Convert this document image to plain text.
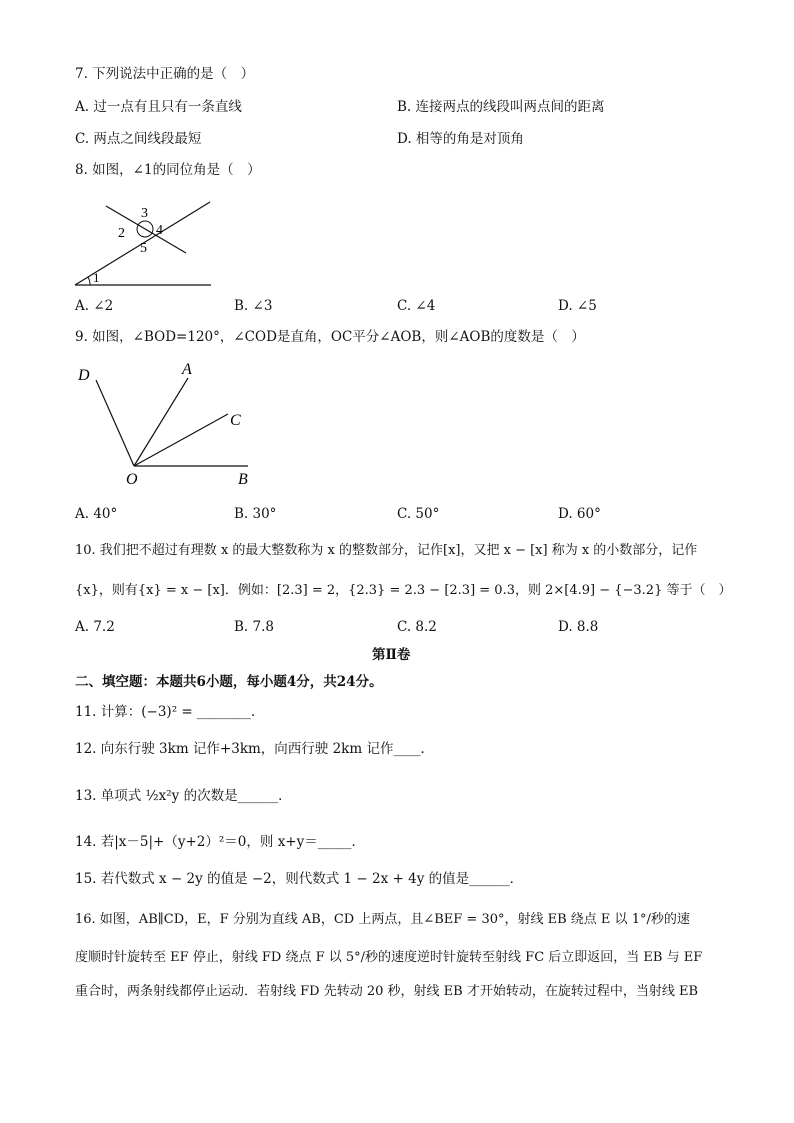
7. 下列说法中正确的是（　）
A. 过一点有且只有一条直线	B. 连接两点的线段叫两点间的距离
C. 两点之间线段最短	D. 相等的角是对顶角
8. 如图，∠1的同位角是（　）
3
2 4
5
1
A. ∠2	B. ∠3	C. ∠4	D. ∠5
9. 如图，∠BOD=120°，∠COD是直角，OC平分∠AOB，则∠AOB的度数是（　）
D	A
C
O	B
A. 40°	B. 30°	C. 50°	D. 60°
10. 我们把不超过有理数 x 的最大整数称为 x 的整数部分，记作[x]，又把 x − [x] 称为 x 的小数部分，记作
{x}，则有{x} = x − [x]．例如：[2.3] = 2，{2.3} = 2.3 − [2.3] = 0.3，则 2×[4.9] − {−3.2} 等于（　）
A. 7.2	B. 7.8	C. 8.2	D. 8.8
第Ⅱ卷
二、填空题：本题共6小题，每小题4分，共24分。
11. 计算：(−3)² = ________．
12. 向东行驶 3km 记作+3km，向西行驶 2km 记作____．
13. 单项式 ½x²y 的次数是______．
14. 若|x－5|+（y+2）²＝0，则 x+y＝_____．
15. 若代数式 x − 2y 的值是 −2，则代数式 1 − 2x + 4y 的值是______．
16. 如图，AB∥CD，E，F 分别为直线 AB，CD 上两点，且∠BEF = 30°，射线 EB 绕点 E 以 1°/秒的速
度顺时针旋转至 EF 停止，射线 FD 绕点 F 以 5°/秒的速度逆时针旋转至射线 FC 后立即返回，当 EB 与 EF
重合时，两条射线都停止运动．若射线 FD 先转动 20 秒，射线 EB 才开始转动，在旋转过程中，当射线 EB
